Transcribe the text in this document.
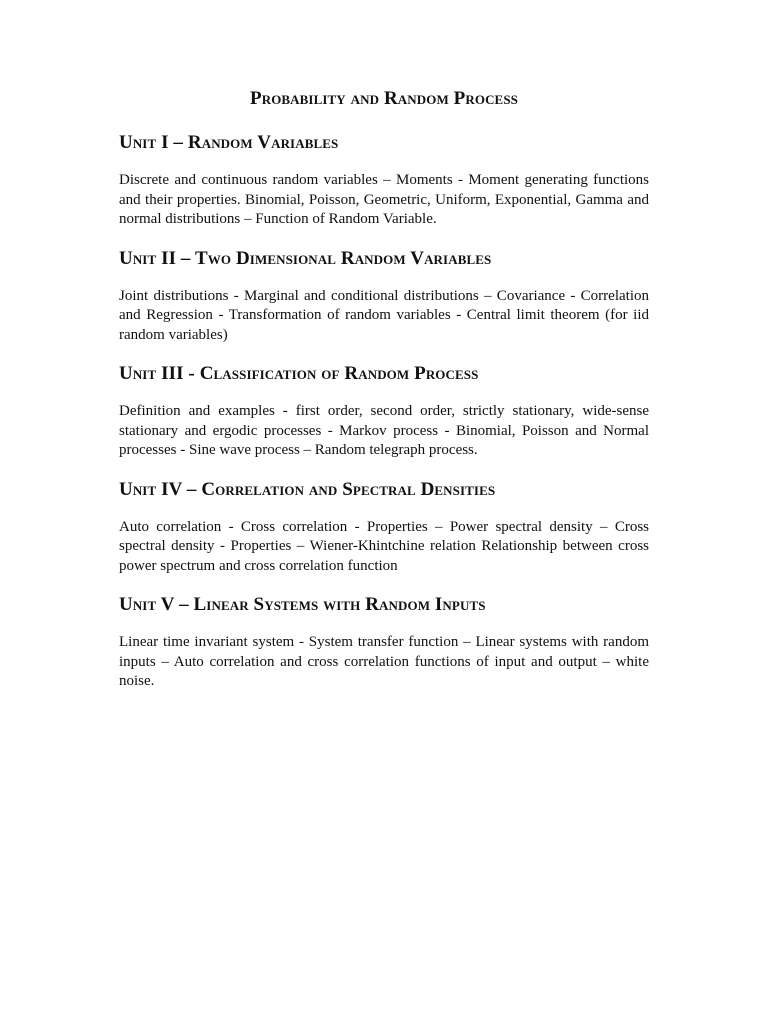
Probability and Random Process
Unit I – Random Variables

Discrete and continuous random variables – Moments - Moment generating functions and their properties. Binomial, Poisson, Geometric, Uniform, Exponential, Gamma and normal distributions – Function of Random Variable.

Unit II – Two Dimensional Random Variables

Joint distributions - Marginal and conditional distributions – Covariance - Correlation and Regression - Transformation of random variables - Central limit theorem (for iid random variables)

Unit III - Classification of Random Process

Definition and examples - first order, second order, strictly stationary, wide-sense stationary and ergodic processes - Markov process - Binomial, Poisson and Normal processes - Sine wave process – Random telegraph process.

Unit IV – Correlation and Spectral Densities

Auto correlation - Cross correlation - Properties – Power spectral density – Cross spectral density - Properties – Wiener-Khintchine relation Relationship between cross power spectrum and cross correlation function

Unit V – Linear Systems with Random Inputs

Linear time invariant system - System transfer function – Linear systems with random inputs – Auto correlation and cross correlation functions of input and output – white noise.
